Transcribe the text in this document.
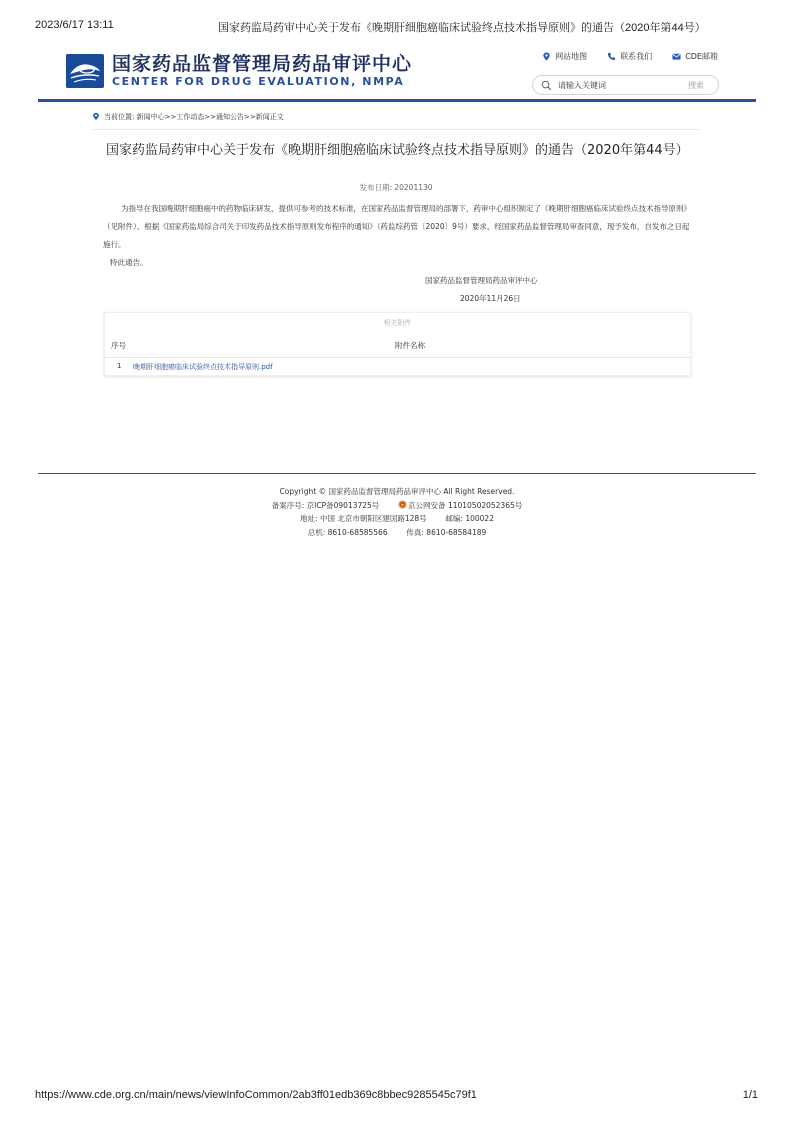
2023/6/17 13:11	国家药监局药审中心关于发布《晚期肝细胞癌临床试验终点技术指导原则》的通告（2020年第44号）
国家药品监督管理局药品审评中心
CENTER FOR DRUG EVALUATION, NMPA
网站地图	联系我们	CDE邮箱
请输入关键词
搜索
当前位置: 新闻中心>>工作动态>>通知公告>>新闻正文
国家药监局药审中心关于发布《晚期肝细胞癌临床试验终点技术指导原则》的通告（2020年第44号）
发布日期: 20201130

为指导在我国晚期肝细胞癌中的药物临床研发，提供可参考的技术标准，在国家药品监督管理局的部署下，药审中心组织制定了《晚期肝细胞癌临床试验终点技术指导原则》（见附件）。根据《国家药监局综合司关于印发药品技术指导原则发布程序的通知》（药监综药管〔2020〕9号）要求，经国家药品监督管理局审查同意，现予发布，自发布之日起施行。

特此通告。

国家药品监督管理局药品审评中心
2020年11月26日
相关附件
序号	附件名称
1 晚期肝细胞癌临床试验终点技术指导原则.pdf
Copyright © 国家药品监督管理局药品审评中心 All Right Reserved.
备案序号: 京ICP备09013725号	京公网安备 11010502052365号
地址: 中国 北京市朝阳区建国路128号	邮编: 100022
总机: 8610-68585566	传真: 8610-68584189
https://www.cde.org.cn/main/news/viewInfoCommon/2ab3ff01edb369c8bbec9285545c79f1	1/1
